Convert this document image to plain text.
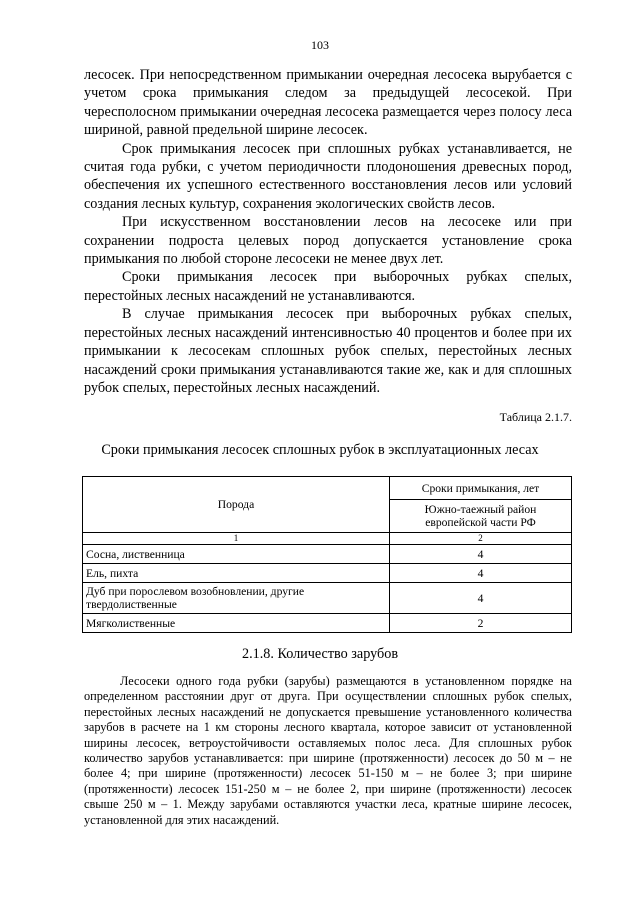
103

лесосек. При непосредственном примыкании очередная лесосека вырубается с учетом срока примыкания следом за предыдущей лесосекой. При чересполосном примыкании очередная лесосека размещается через полосу леса шириной, равной предельной ширине лесосек.

Срок примыкания лесосек при сплошных рубках устанавливается, не считая года рубки, с учетом периодичности плодоношения древесных пород, обеспечения их успешного естественного восстановления лесов или условий создания лесных культур, сохранения экологических свойств лесов.

При искусственном восстановлении лесов на лесосеке или при сохранении подроста целевых пород допускается установление срока примыкания по любой стороне лесосеки не менее двух лет.

Сроки примыкания лесосек при выборочных рубках спелых, перестойных лесных насаждений не устанавливаются.

В случае примыкания лесосек при выборочных рубках спелых, перестойных лесных насаждений интенсивностью 40 процентов и более при их примыкании к лесосекам сплошных рубок спелых, перестойных лесных насаждений сроки примыкания устанавливаются такие же, как и для сплошных рубок спелых, перестойных лесных насаждений.

Таблица 2.1.7.
Сроки примыкания лесосек сплошных рубок в эксплуатационных лесах
Порода	Сроки примыкания, лет
	Южно-таежный район европейской части РФ
1	2
Сосна, лиственница	4
Ель, пихта	4
Дуб при порослевом возобновлении, другие твердолиственные	4
Мягколиственные	2
2.1.8. Количество зарубов

Лесосеки одного года рубки (зарубы) размещаются в установленном порядке на определенном расстоянии друг от друга. При осуществлении сплошных рубок спелых, перестойных лесных насаждений не допускается превышение установленного количества зарубов в расчете на 1 км стороны лесного квартала, которое зависит от установленной ширины лесосек, ветроустойчивости оставляемых полос леса. Для сплошных рубок количество зарубов устанавливается: при ширине (протяженности) лесосек до 50 м – не более 4; при ширине (протяженности) лесосек 51-150 м – не более 3; при ширине (протяженности) лесосек 151-250 м – не более 2, при ширине (протяженности) лесосек свыше 250 м – 1. Между зарубами оставляются участки леса, кратные ширине лесосек, установленной для этих насаждений.
